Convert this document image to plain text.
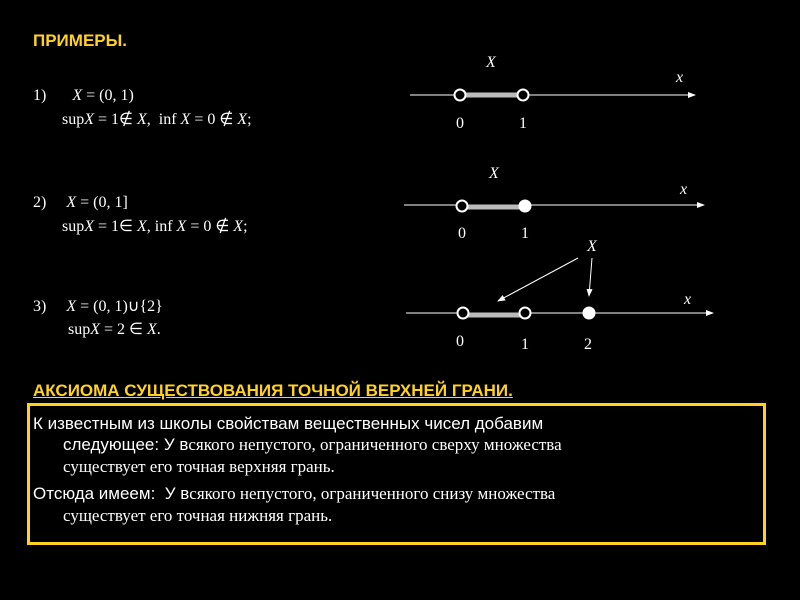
ПРИМЕРЫ.
1) X = (0, 1)
supX = 1∉ X,  inf X = 0 ∉ X;
2) X = (0, 1]
supX = 1∈ X, inf X = 0 ∉ X;
3) X = (0, 1)∪{2}
supX = 2 ∈ X.
X
x
0	1
X
x
0	1
X
x
0	1	2
АКСИОМА СУЩЕСТВОВАНИЯ ТОЧНОЙ ВЕРХНЕЙ ГРАНИ.
К известным из школы свойствам вещественных чисел добавим
следующее: У всякого непустого, ограниченного сверху множества
существует его точная верхняя грань.
Отсюда имеем:  У всякого непустого, ограниченного снизу множества
существует его точная нижняя грань.
